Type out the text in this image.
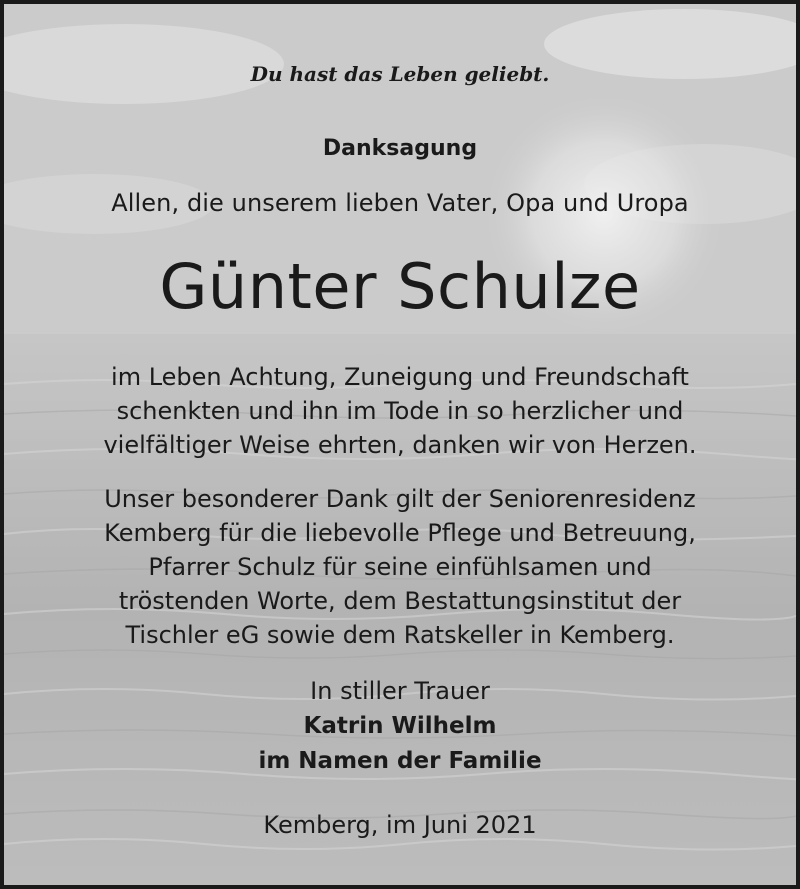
Du hast das Leben geliebt.
Danksagung
Allen, die unserem lieben Vater, Opa und Uropa
Günter Schulze
im Leben Achtung, Zuneigung und Freundschaft
schenkten und ihn im Tode in so herzlicher und
vielfältiger Weise ehrten, danken wir von Herzen.
Unser besonderer Dank gilt der Seniorenresidenz
Kemberg für die liebevolle Pflege und Betreuung,
Pfarrer Schulz für seine einfühlsamen und
tröstenden Worte, dem Bestattungsinstitut der
Tischler eG sowie dem Ratskeller in Kemberg.
In stiller Trauer
Katrin Wilhelm
im Namen der Familie
Kemberg, im Juni 2021
